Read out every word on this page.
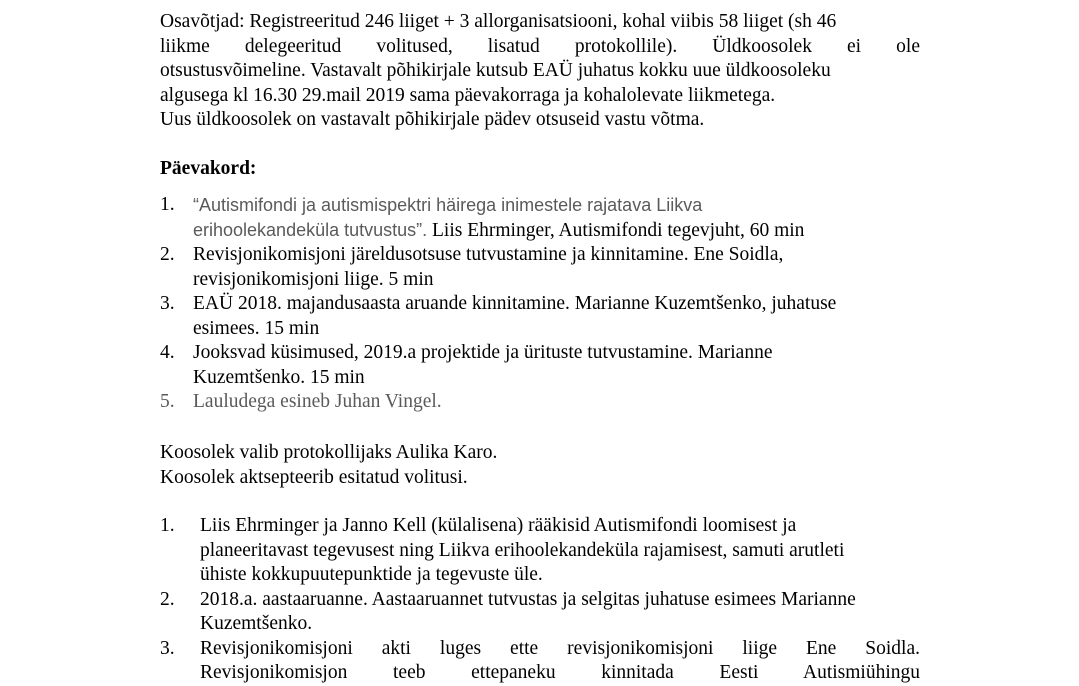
Osavõtjad: Registreeritud 246 liiget + 3 allorganisatsiooni, kohal viibis 58 liiget (sh 46
liikme delegeeritud volitused, lisatud protokollile). Üldkoosolek ei ole
otsustusvõimeline. Vastavalt põhikirjale kutsub EAÜ juhatus kokku uue üldkoosoleku
algusega kl 16.30 29.mail 2019 sama päevakorraga ja kohalolevate liikmetega.
Uus üldkoosolek on vastavalt põhikirjale pädev otsuseid vastu võtma.
Päevakord:
1. “Autismifondi ja autismispektri häirega inimestele rajatava Liikva
erihoolekandeküla tutvustus”. Liis Ehrminger, Autismifondi tegevjuht, 60 min
2. Revisjonikomisjoni järeldusotsuse tutvustamine ja kinnitamine. Ene Soidla,
revisjonikomisjoni liige. 5 min
3. EAÜ 2018. majandusaasta aruande kinnitamine. Marianne Kuzemtšenko, juhatuse
esimees. 15 min
4. Jooksvad küsimused, 2019.a projektide ja ürituste tutvustamine. Marianne
Kuzemtšenko. 15 min
5. Lauludega esineb Juhan Vingel.
Koosolek valib protokollijaks Aulika Karo.
Koosolek aktsepteerib esitatud volitusi.
1. Liis Ehrminger ja Janno Kell (külalisena) rääkisid Autismifondi loomisest ja
planeeritavast tegevusest ning Liikva erihoolekandeküla rajamisest, samuti arutleti
ühiste kokkupuutepunktide ja tegevuste üle.
2. 2018.a. aastaaruanne. Aastaaruannet tutvustas ja selgitas juhatuse esimees Marianne
Kuzemtšenko.
3. Revisjonikomisjoni akti luges ette revisjonikomisjoni liige Ene Soidla.
Revisjonikomisjon teeb ettepaneku kinnitada Eesti Autismiühingu
